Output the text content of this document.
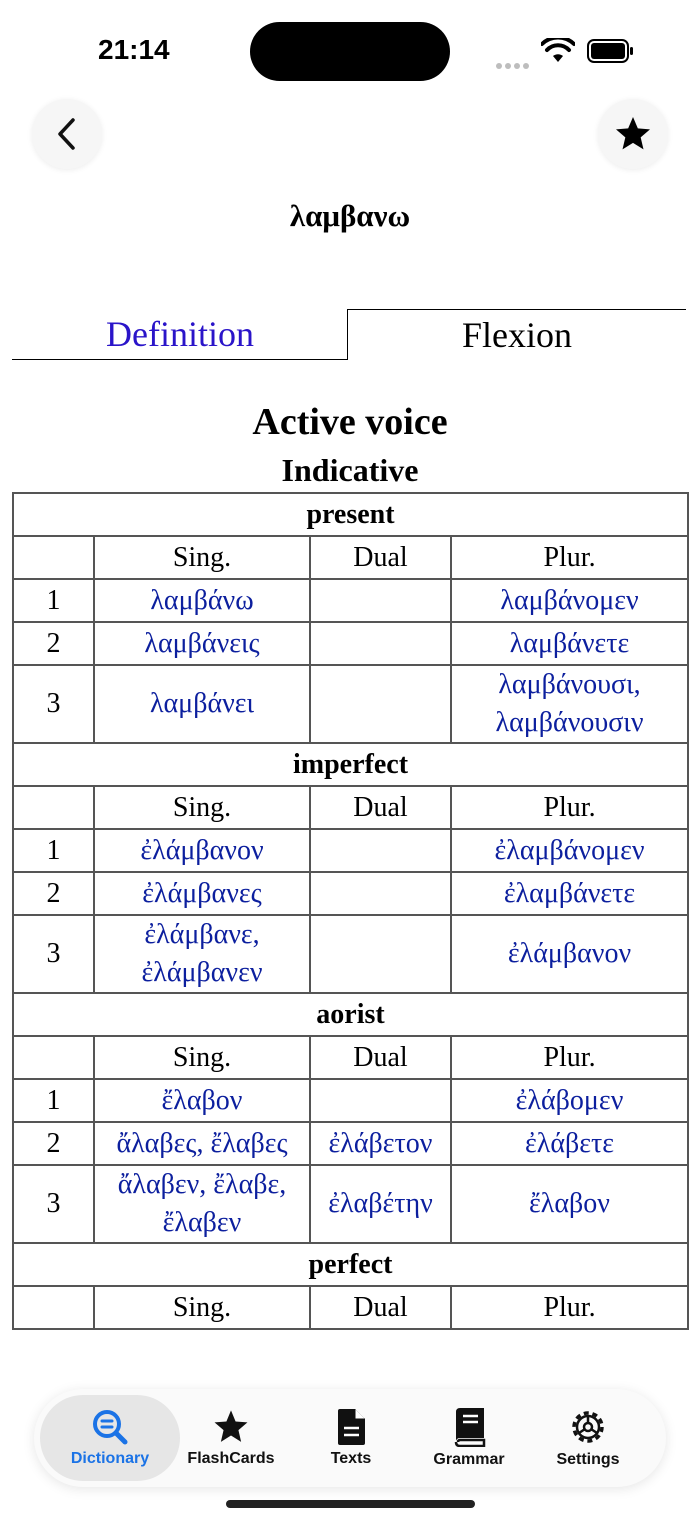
21:14
λαμβανω
Definition	Flexion
Active voice
Indicative
present			
	Sing.	Dual	Plur.
1	λαμβάνω		λαμβάνομεν
2	λαμβάνεις		λαμβάνετε
3	λαμβάνει		λαμβάνουσι, λαμβάνουσιν
imperfect			
	Sing.	Dual	Plur.
1	ἐλάμβανον		ἐλαμβάνομεν
2	ἐλάμβανες		ἐλαμβάνετε
3	ἐλάμβανε, ἐλάμβανεν		ἐλάμβανον
aorist			
	Sing.	Dual	Plur.
1	ἔλαβον		ἐλάβομεν
2	ἄλαβες, ἔλαβες	ἐλάβετον	ἐλάβετε
3	ἄλαβεν, ἔλαβε, ἔλαβεν	ἐλαβέτην	ἔλαβον
perfect			
	Sing.	Dual	Plur.
Dictionary FlashCards	Texts	Grammar	Settings
